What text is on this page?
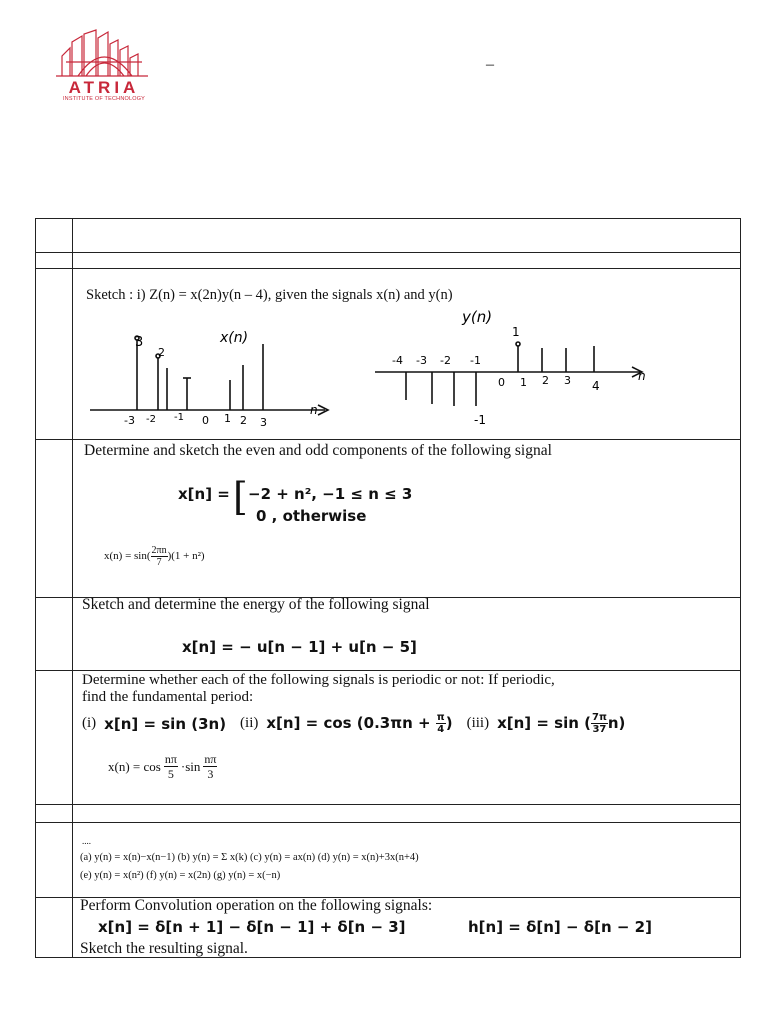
ATRIA
INSTITUTE OF TECHNOLOGY
–
Sketch : i) Z(n) = x(2n)y(n – 4), given the signals x(n) and y(n)
3
2
x(n)
-3 -2 -1 0 1 2 3
n
y(n)
1
-1
-4 -3 -2 -1
0 1 2 3 4
n
Determine and sketch the even and odd components of the following signal
x[n] = [ −2 + n², −1 ≤ n ≤ 3
0 , otherwise
$x(n) = \sin( \frac{2\pi n}{7} )(1 + n^2)$
Sketch and determine the energy of the following signal
x[n] = − u[n − 1] + u[n − 5]
Determine whether each of the following signals is periodic or not: If periodic,
find the fundamental period:
(i) x[n] = sin (3n) (ii) $x[n] = \cos (0.3\pi n + \frac{\pi}{4}$ ) (iii) x[n] = sin ( $\frac{7\pi}{37} n$)
$x(n) = \cos \frac{n\pi}{5} \cdot\sin \frac{n\pi}{3}$
....
(a) y(n) = x(n)−x(n−1) (b) y(n) = Σ x(k) (c) y(n) = ax(n) (d) y(n) = x(n)+3x(n+4)
(e) y(n) = x(n²) (f) y(n) = x(2n) (g) y(n) = x(−n)
Perform Convolution operation on the following signals:
x[n] = δ[n + 1] − δ[n − 1] + δ[n − 3]	h[n] = δ[n] − δ[n − 2]
Sketch the resulting signal.
